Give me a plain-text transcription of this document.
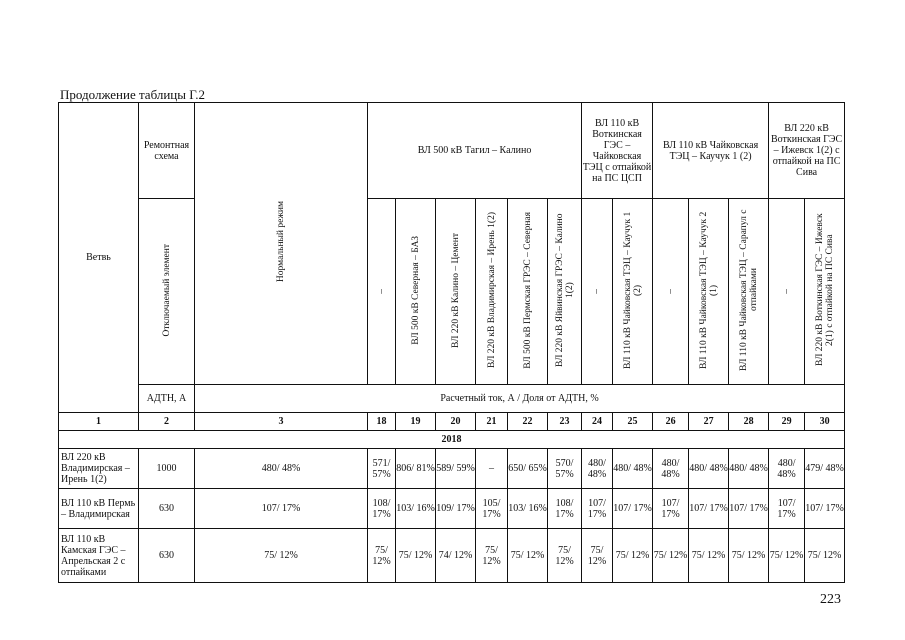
Продолжение таблицы Г.2
Ветвь	Ремонтная схема	Нормальный режим	ВЛ 500 кВ Тагил – Калино						ВЛ 110 кВ Воткинская ГЭС – Чайковская ТЭЦ с отпайкой на ПС ЦСП		ВЛ 110 кВ Чайковская ТЭЦ – Каучук 1 (2)			ВЛ 220 кВ Воткинская ГЭС – Ижевск 1(2) с отпайкой на ПС Сива	
	Отключаемый элемент		–	ВЛ 500 кВ Северная – БАЗ	ВЛ 220 кВ Калино – Цемент	ВЛ 220 кВ Владимирская – Ирень 1(2)	ВЛ 500 кВ Пермская ГРЭС – Северная	ВЛ 220 кВ Яйвинская ГРЭС – Калино 1(2)	–	ВЛ 110 кВ Чайковская ТЭЦ – Каучук 1 (2)	–	ВЛ 110 кВ Чайковская ТЭЦ – Каучук 2 (1)	ВЛ 110 кВ Чайковская ТЭЦ – Сарапул с отпайками	–	ВЛ 220 кВ Воткинская ГЭС – Ижевск 2(1) с отпайкой на ПС Сива
	АДТН, А	Расчетный ток, А / Доля от АДТН, %													
1	2	3	18	19	20	21	22	23	24	25	26	27	28	29	30
2018															
ВЛ 220 кВ Владимирская – Ирень 1(2)	1000	480/ 48%	571/ 57%	806/ 81%	589/ 59%	–	650/ 65%	570/ 57%	480/ 48%	480/ 48%	480/ 48%	480/ 48%	480/ 48%	480/ 48%	479/ 48%
ВЛ 110 кВ Пермь – Владимирская	630	107/ 17%	108/ 17%	103/ 16%	109/ 17%	105/ 17%	103/ 16%	108/ 17%	107/ 17%	107/ 17%	107/ 17%	107/ 17%	107/ 17%	107/ 17%	107/ 17%
ВЛ 110 кВ Камская ГЭС – Апрельская 2 с отпайками	630	75/ 12%	75/ 12%	75/ 12%	74/ 12%	75/ 12%	75/ 12%	75/ 12%	75/ 12%	75/ 12%	75/ 12%	75/ 12%	75/ 12%	75/ 12%	75/ 12%
223
